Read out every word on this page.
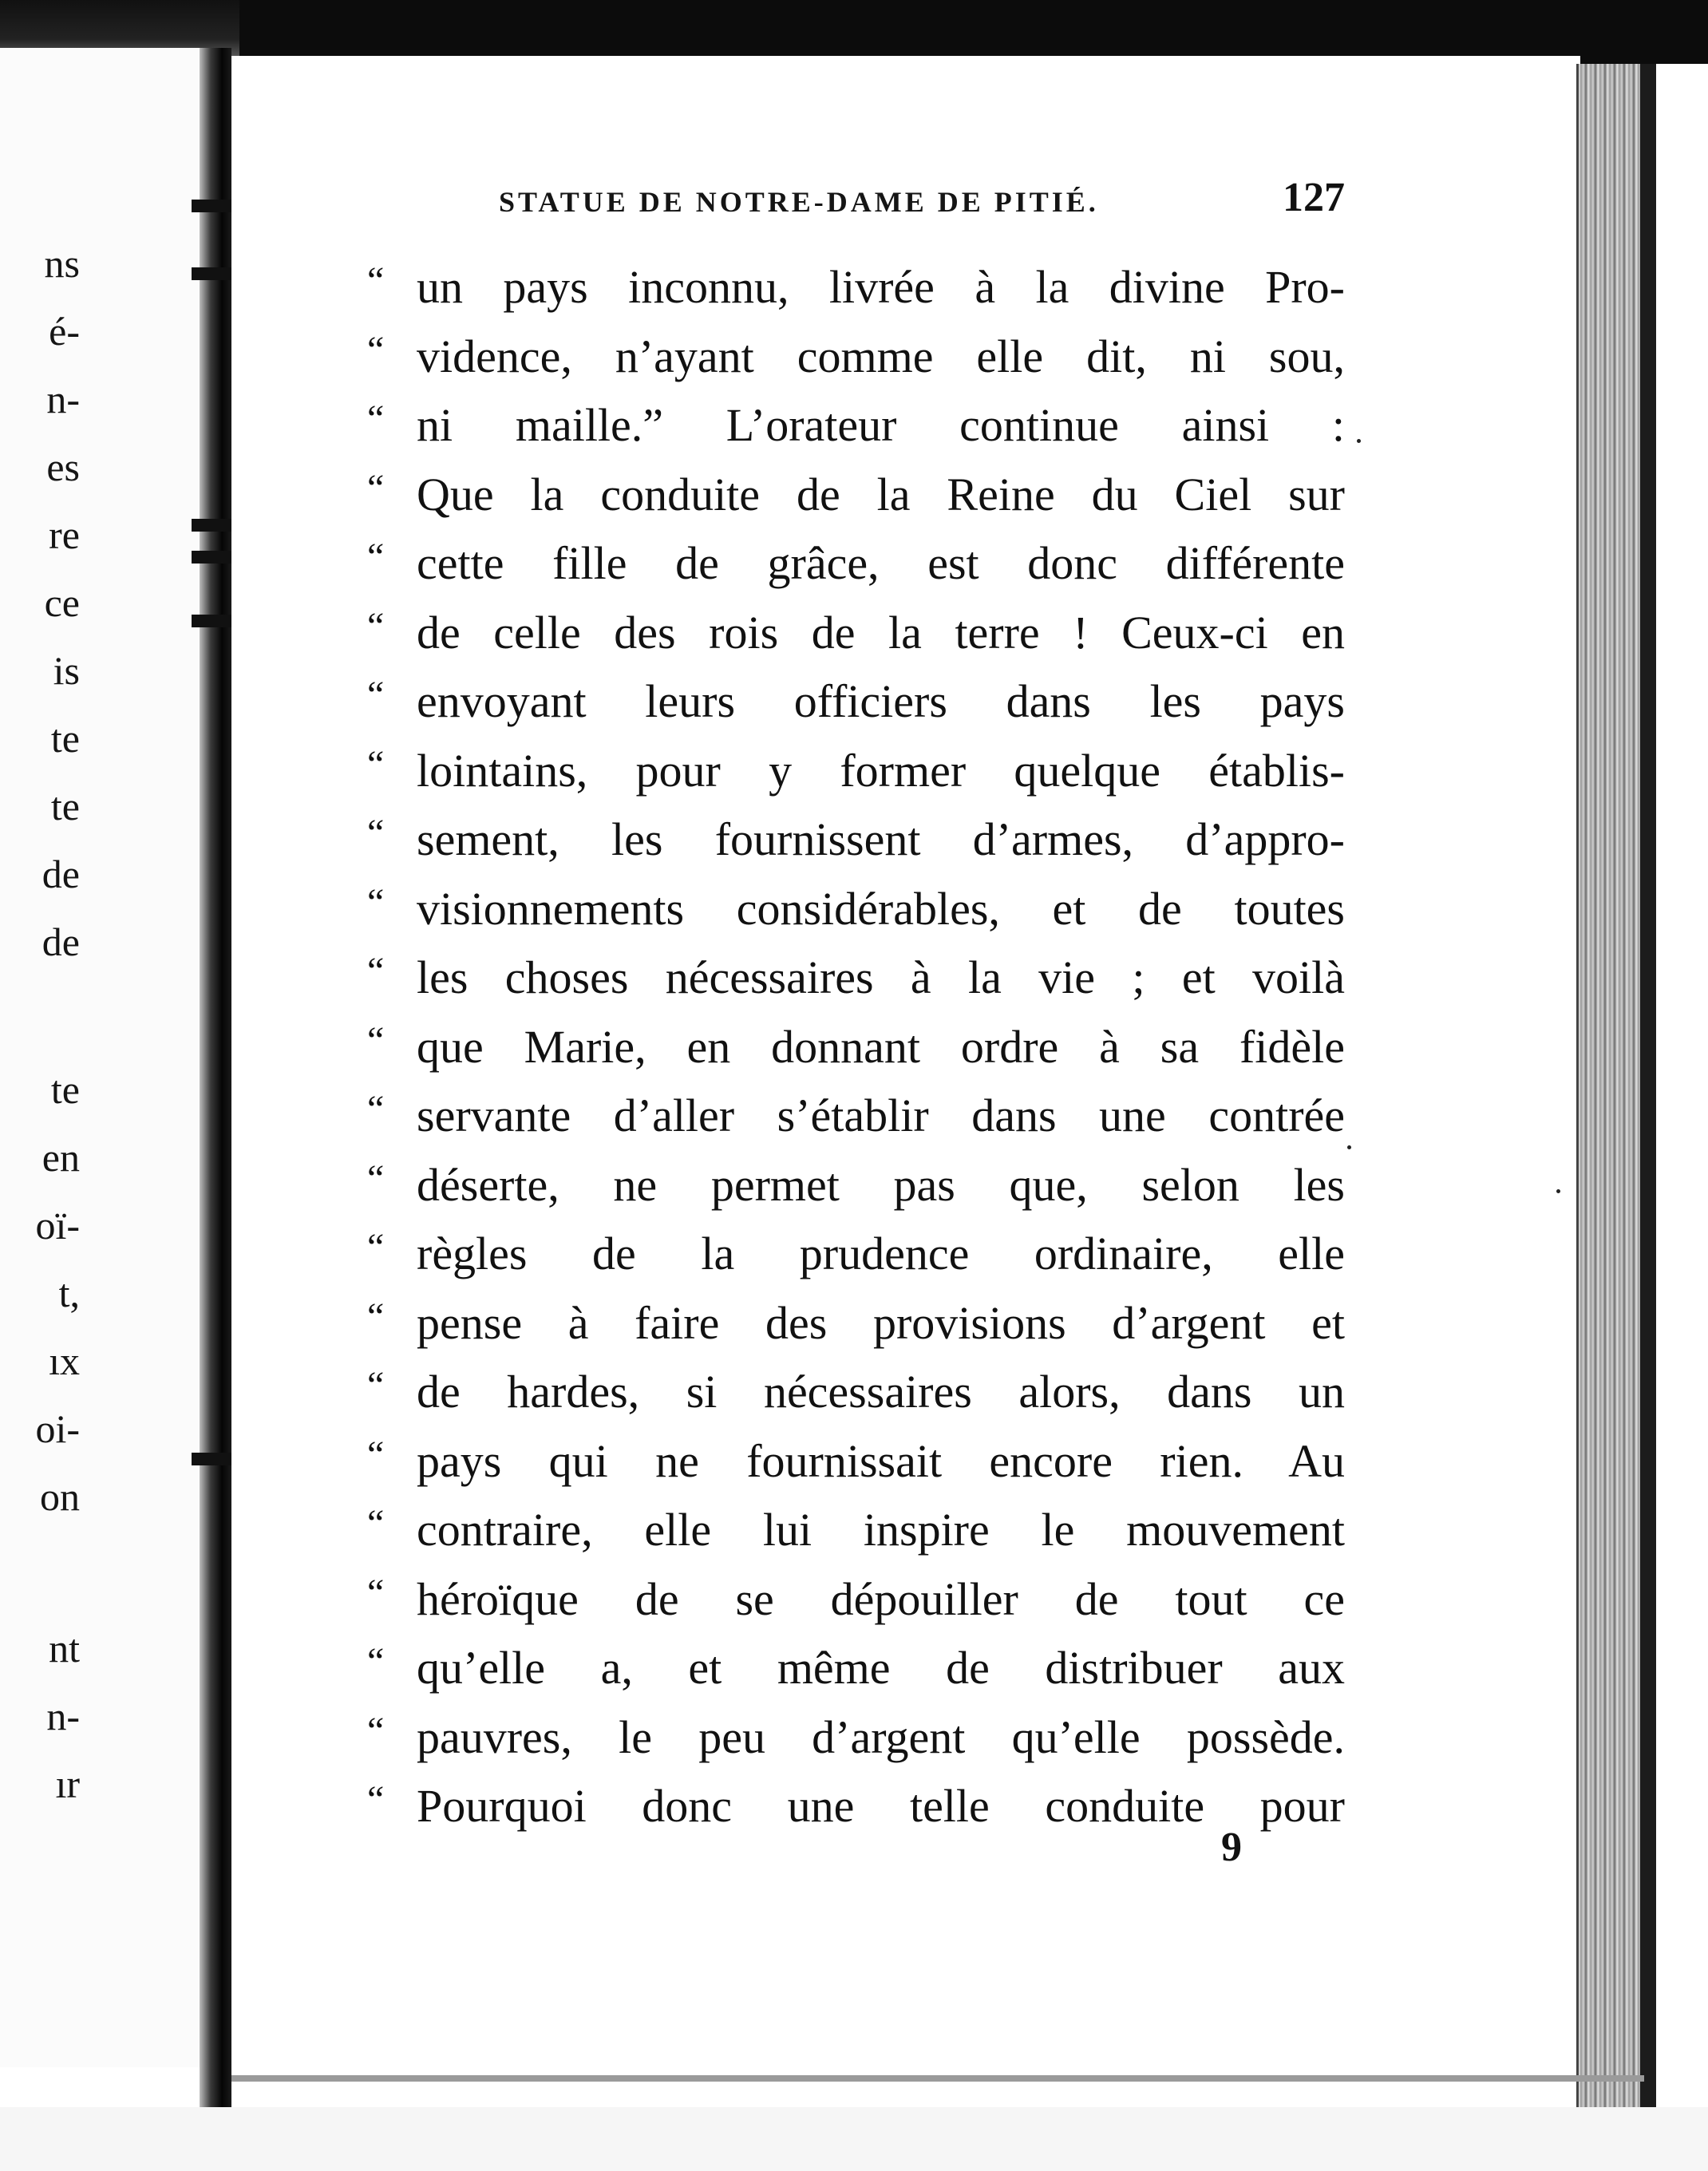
ns
é-
n-
es
re
ce
is
te
te
de
de
te
en
oï-
t,
ıx
oi-
on
nt
n-
ır
STATUE DE NOTRE-DAME DE PITIÉ.	127
“ un pays inconnu, livrée à la divine Pro-
“ vidence, n’ayant comme elle dit, ni sou,
“ ni maille.” L’orateur continue ainsi :
“ Que la conduite de la Reine du Ciel sur
“ cette fille de grâce, est donc différente
“ de celle des rois de la terre ! Ceux-ci en
“ envoyant leurs officiers dans les pays
“ lointains, pour y former quelque établis-
“ sement, les fournissent d’armes, d’appro-
“ visionnements considérables, et de toutes
“ les choses nécessaires à la vie ; et voilà
“ que Marie, en donnant ordre à sa fidèle
“ servante d’aller s’établir dans une contrée
“ déserte, ne permet pas que, selon les
“ règles de la prudence ordinaire, elle
“ pense à faire des provisions d’argent et
“ de hardes, si nécessaires alors, dans un
“ pays qui ne fournissait encore rien. Au
“ contraire, elle lui inspire le mouvement
“ héroïque de se dépouiller de tout ce
“ qu’elle a, et même de distribuer aux
“ pauvres, le peu d’argent qu’elle possède.
“ Pourquoi donc une telle conduite pour
9
